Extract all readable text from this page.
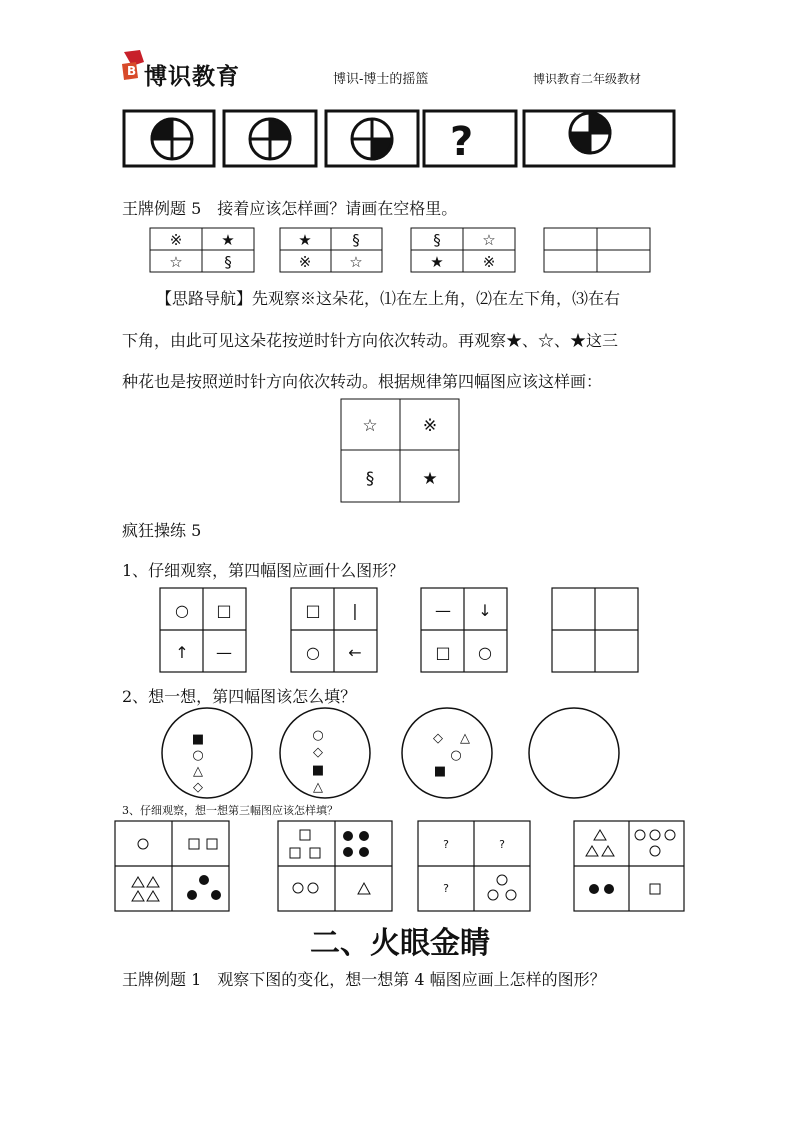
B 博识教育	博识-博士的摇篮	博识教育二年级教材
?
王牌例题 5　接着应该怎样画？请画在空格里。
※	★
☆	§
★	§
※	☆
§	☆
★	※
【思路导航】先观察※这朵花，⑴在左上角，⑵在左下角，⑶在右
下角，由此可见这朵花按逆时针方向依次转动。再观察★、☆、★这三
种花也是按照逆时针方向依次转动。根据规律第四幅图应该这样画：
☆	※
§	★
疯狂操练 5
1、仔细观察，第四幅图应画什么图形？
○ □
↑ —
□ |
○ ←
— ↓
□ ○
2、想一想，第四幅图该怎么填？
■
○
△
◇
○
◇
■
△
◇ △
○
■
3、仔细观察，想一想第三幅图应该怎样填？
?	?
?
二、火眼金睛
王牌例题 1　观察下图的变化，想一想第 4 幅图应画上怎样的图形？
